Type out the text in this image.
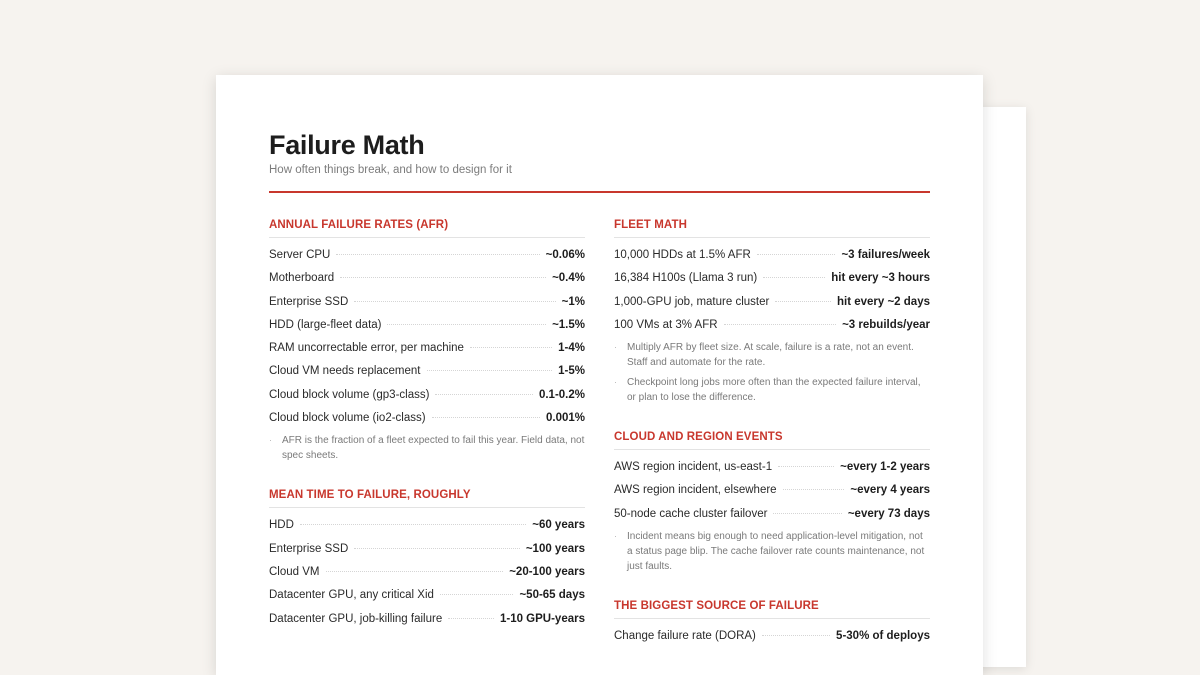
Failure Math
How often things break, and how to design for it
ANNUAL FAILURE RATES (AFR)
Server CPU	~0.06%
Motherboard	~0.4%
Enterprise SSD	~1%
HDD (large-fleet data)	~1.5%
RAM uncorrectable error, per machine	1-4%
Cloud VM needs replacement	1-5%
Cloud block volume (gp3-class)	0.1-0.2%
Cloud block volume (io2-class)	0.001%
· AFR is the fraction of a fleet expected to fail this year. Field data, not spec sheets.
MEAN TIME TO FAILURE, ROUGHLY
HDD	~60 years
Enterprise SSD	~100 years
Cloud VM	~20-100 years
Datacenter GPU, any critical Xid	~50-65 days
Datacenter GPU, job-killing failure	1-10 GPU-years
FLEET MATH
10,000 HDDs at 1.5% AFR	~3 failures/week
16,384 H100s (Llama 3 run)	hit every ~3 hours
1,000-GPU job, mature cluster	hit every ~2 days
100 VMs at 3% AFR	~3 rebuilds/year
· Multiply AFR by fleet size. At scale, failure is a rate, not an event. Staff and automate for the rate.
· Checkpoint long jobs more often than the expected failure interval, or plan to lose the difference.
CLOUD AND REGION EVENTS
AWS region incident, us-east-1	~every 1-2 years
AWS region incident, elsewhere	~every 4 years
50-node cache cluster failover	~every 73 days
· Incident means big enough to need application-level mitigation, not a status page blip. The cache failover rate counts maintenance, not just faults.
THE BIGGEST SOURCE OF FAILURE
Change failure rate (DORA)	5-30% of deploys
